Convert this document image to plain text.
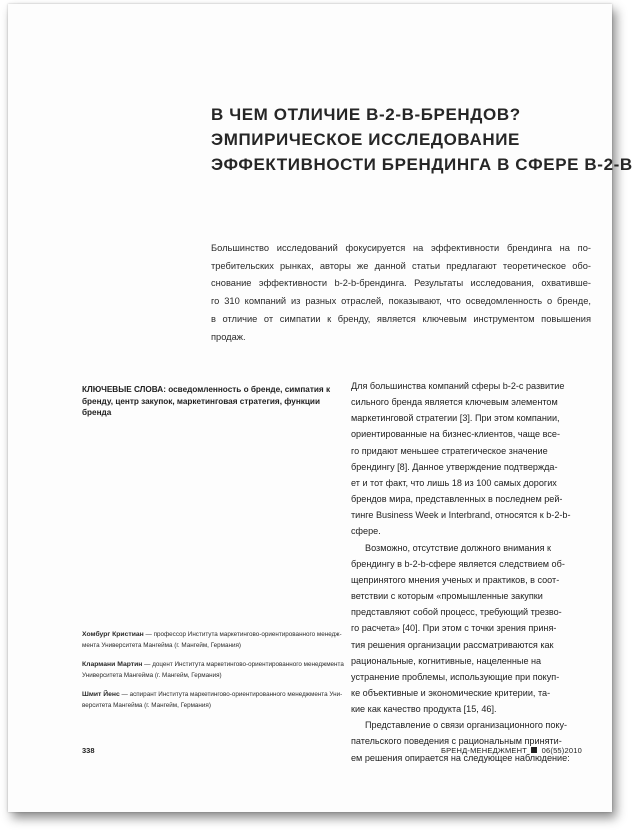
В ЧЕМ ОТЛИЧИЕ B-2-B-БРЕНДОВ?
ЭМПИРИЧЕСКОЕ ИССЛЕДОВАНИЕ
ЭФФЕКТИВНОСТИ БРЕНДИНГА В СФЕРЕ B-2-B
Большинство исследований фокусируется на эффективности брендинга на по-
требительских рынках, авторы же данной статьи предлагают теоретическое обо-
снование эффективности b-2-b-брендинга. Результаты исследования, охвативше-
го 310 компаний из разных отраслей, показывают, что осведомленность о бренде,
в отличие от симпатии к бренду, является ключевым инструментом повышения
продаж.
КЛЮЧЕВЫЕ СЛОВА: осведомленность о бренде, симпатия к
бренду, центр закупок, маркетинговая стратегия, функции
бренда
Хомбург Кристиан — профессор Института маркетингово-ориентированного менедж-
мента Университета Мангейма (г. Мангейм, Германия)
Клармани Мартин — доцент Института маркетингово-ориентированного менеджмента
Университета Мангейма (г. Мангейм, Германия)
Шмит Йенс — аспирант Института маркетингово-ориентированного менеджмента Уни-
верситета Мангейма (г. Мангейм, Германия)
Для большинства компаний сферы b-2-c развитие
сильного бренда является ключевым элементом
маркетинговой стратегии [3]. При этом компании,
ориентированные на бизнес-клиентов, чаще все-
го придают меньшее стратегическое значение
брендингу [8]. Данное утверждение подтвержда-
ет и тот факт, что лишь 18 из 100 самых дорогих
брендов мира, представленных в последнем рей-
тинге Business Week и Interbrand, относятся к b-2-b-
сфере.
Возможно, отсутствие должного внимания к
брендингу в b-2-b-сфере является следствием об-
щепринятого мнения ученых и практиков, в соот-
ветствии с которым «промышленные закупки
представляют собой процесс, требующий трезво-
го расчета» [40]. При этом с точки зрения приня-
тия решения организации рассматриваются как
рациональные, когнитивные, нацеленные на
устранение проблемы, использующие при покуп-
ке объективные и экономические критерии, та-
кие как качество продукта [15, 46].
Представление о связи организационного поку-
пательского поведения с рациональным приняти-
ем решения опирается на следующее наблюдение:
338	БРЕНД-МЕНЕДЖМЕНТ 06(55)2010
